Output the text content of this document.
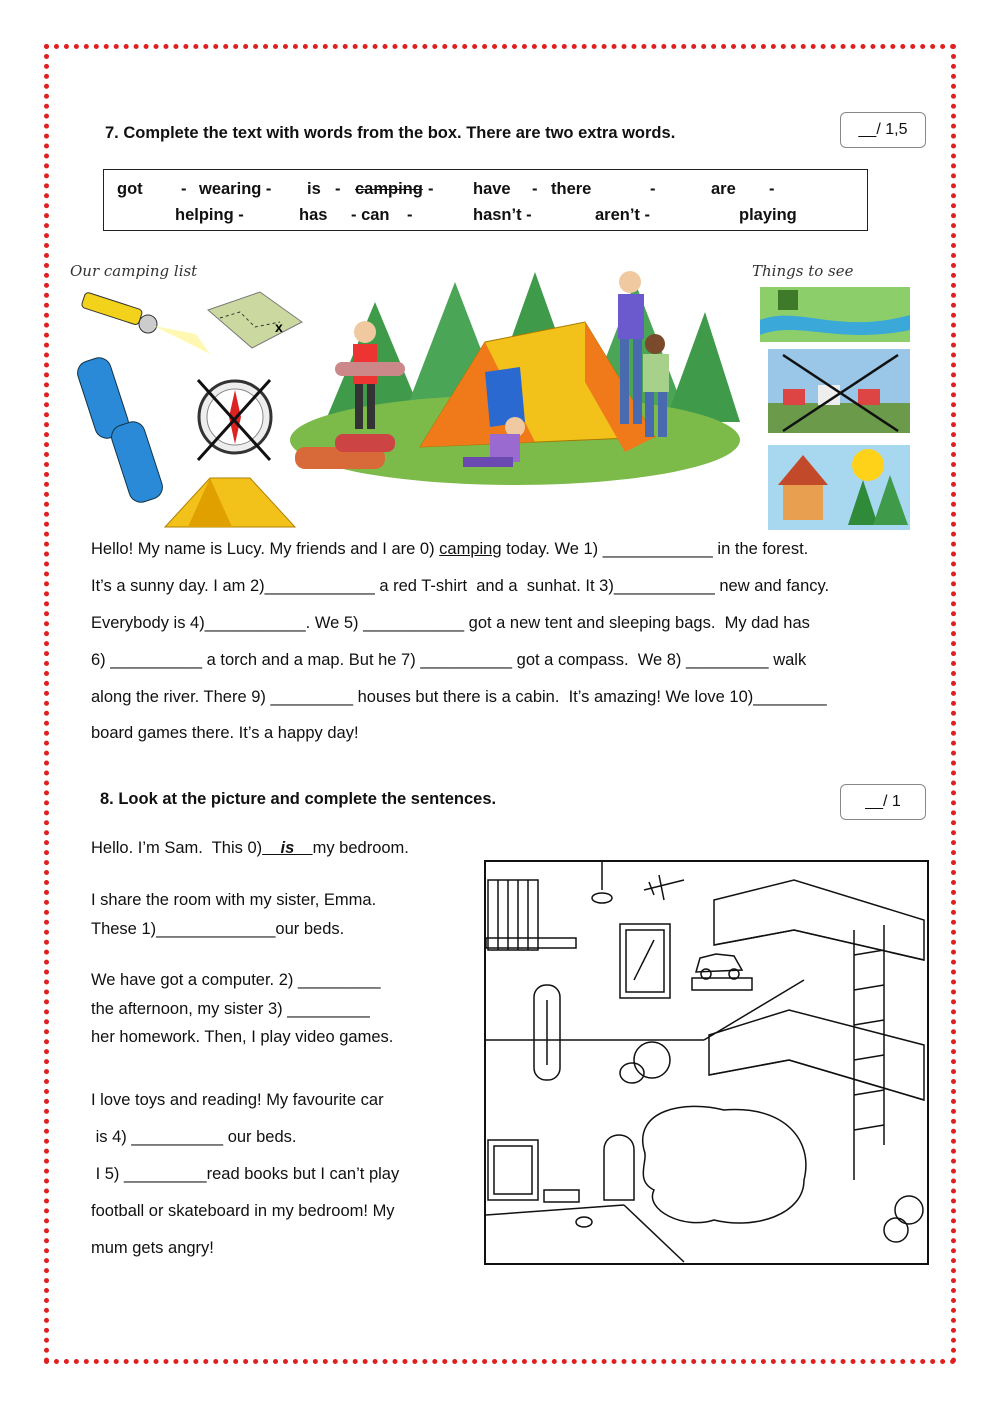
7. Complete the text with words from the box. There are two extra words.	__/ 1,5
got - wearing - is - camping - have - there	-	are -
helping -	has - can -	hasn’t -	aren’t -	playing
Our camping list	Things to see
x
Hello! My name is Lucy. My friends and I are 0) camping today. We 1) ____________ in the forest.
It’s a sunny day. I am 2)____________ a red T-shirt  and a  sunhat. It 3)___________ new and fancy.
Everybody is 4)___________. We 5) ___________ got a new tent and sleeping bags.  My dad has
6) __________ a torch and a map. But he 7) __________ got a compass.  We 8) _________ walk
along the river. There 9) _________ houses but there is a cabin.  It’s amazing! We love 10)________
board games there. It’s a happy day!
8. Look at the picture and complete the sentences.	__/ 1
Hello. I’m Sam.  This 0)    is    my bedroom.
I share the room with my sister, Emma.
These 1)_____________our beds.
We have got a computer. 2) _________
the afternoon, my sister 3) _________
her homework. Then, I play video games.
I love toys and reading! My favourite car
is 4) __________ our beds.
I 5) _________read books but I can’t play
football or skateboard in my bedroom! My
mum gets angry!
